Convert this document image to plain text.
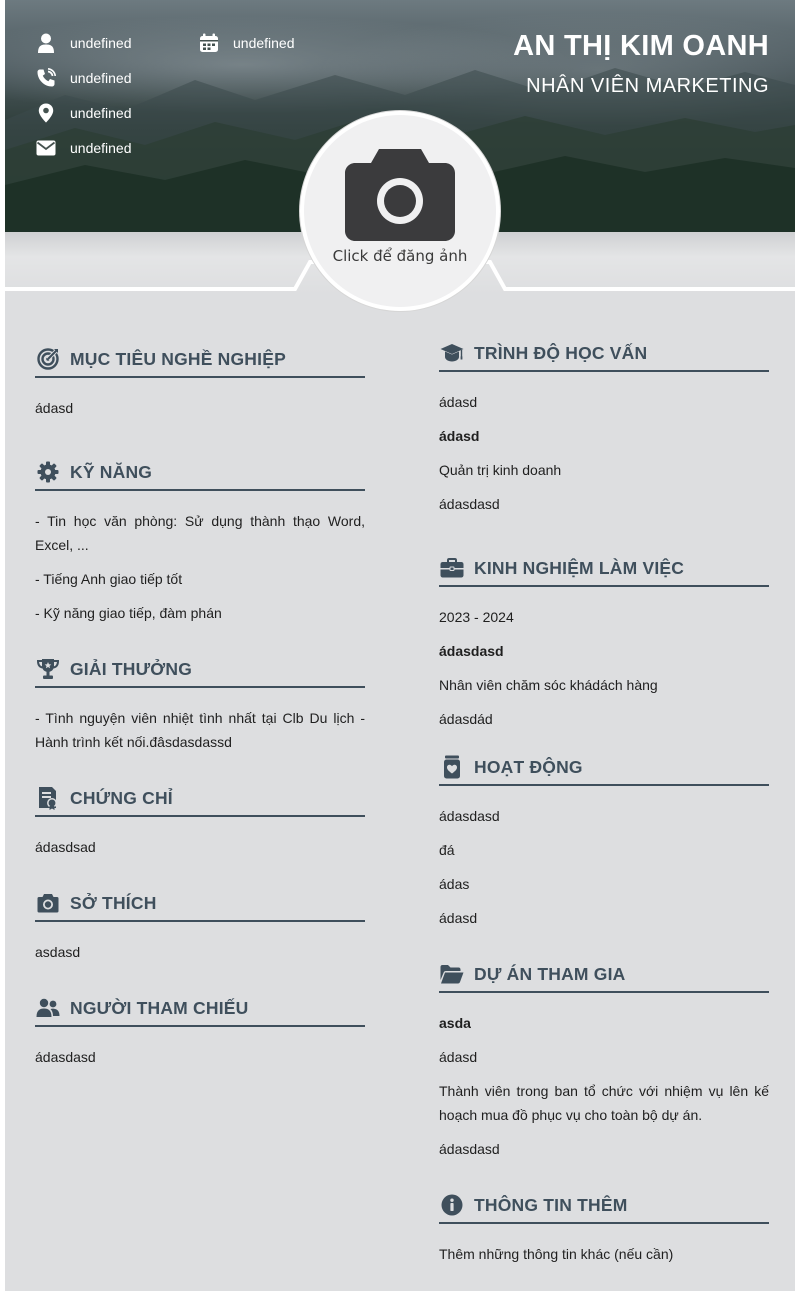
undefined	undefined
undefined
undefined
undefined
AN THỊ KIM OANH
NHÂN VIÊN MARKETING
Click để đăng ảnh
MỤC TIÊU NGHỀ NGHIỆP
ádasd
KỸ NĂNG
- Tin học văn phòng: Sử dụng thành thạo Word, Excel, ...
- Tiếng Anh giao tiếp tốt
- Kỹ năng giao tiếp, đàm phán
GIẢI THƯỞNG
- Tình nguyện viên nhiệt tình nhất tại Clb Du lịch - Hành trình kết nối.đâsdasdassd
CHỨNG CHỈ
ádasdsad
SỞ THÍCH
asdasd
NGƯỜI THAM CHIẾU
ádasdasd
TRÌNH ĐỘ HỌC VẤN
ádasd
ádasd
Quản trị kinh doanh
ádasdasd
KINH NGHIỆM LÀM VIỆC
2023 - 2024
ádasdasd
Nhân viên chăm sóc khádách hàng
ádasdád
HOẠT ĐỘNG
ádasdasd
đá
ádas
ádasd
DỰ ÁN THAM GIA
asda
ádasd
Thành viên trong ban tổ chức với nhiệm vụ lên kế hoạch mua đồ phục vụ cho toàn bộ dự án.
ádasdasd
THÔNG TIN THÊM
Thêm những thông tin khác (nếu cần)
